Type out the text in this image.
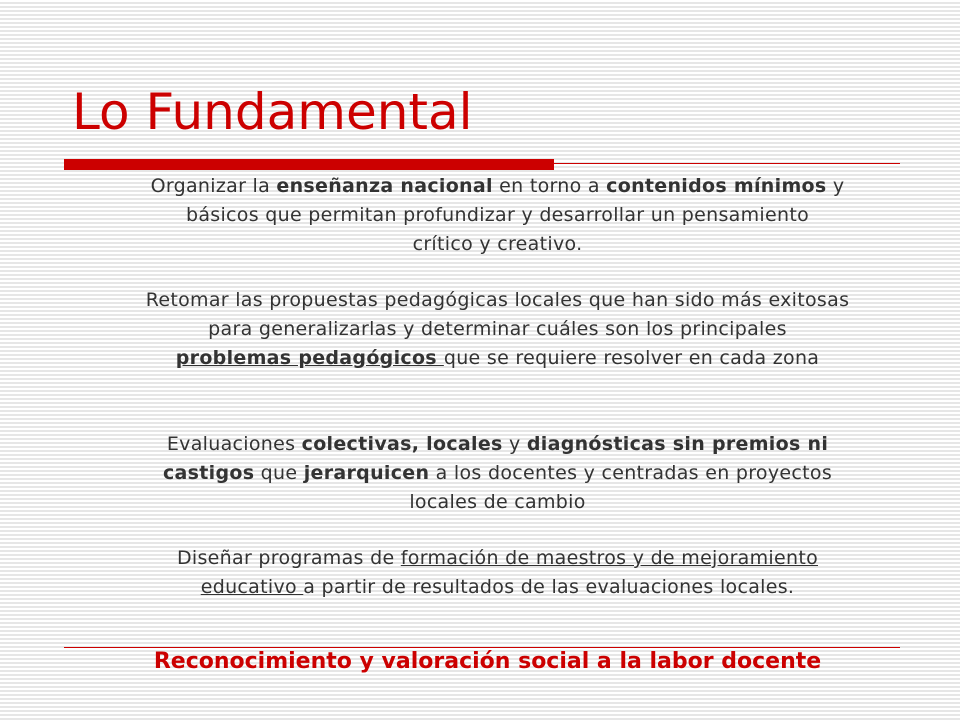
Lo Fundamental
Organizar la enseñanza nacional en torno a contenidos mínimos y
básicos que permitan profundizar y desarrollar un pensamiento
crítico y creativo.
Retomar las propuestas pedagógicas locales que han sido más exitosas
para generalizarlas y determinar cuáles son los principales
problemas pedagógicos que se requiere resolver en cada zona
Evaluaciones colectivas, locales y diagnósticas sin premios ni
castigos que jerarquicen a los docentes y centradas en proyectos
locales de cambio
Diseñar programas de formación de maestros y de mejoramiento
educativo a partir de resultados de las evaluaciones locales.
Reconocimiento y valoración social a la labor docente
